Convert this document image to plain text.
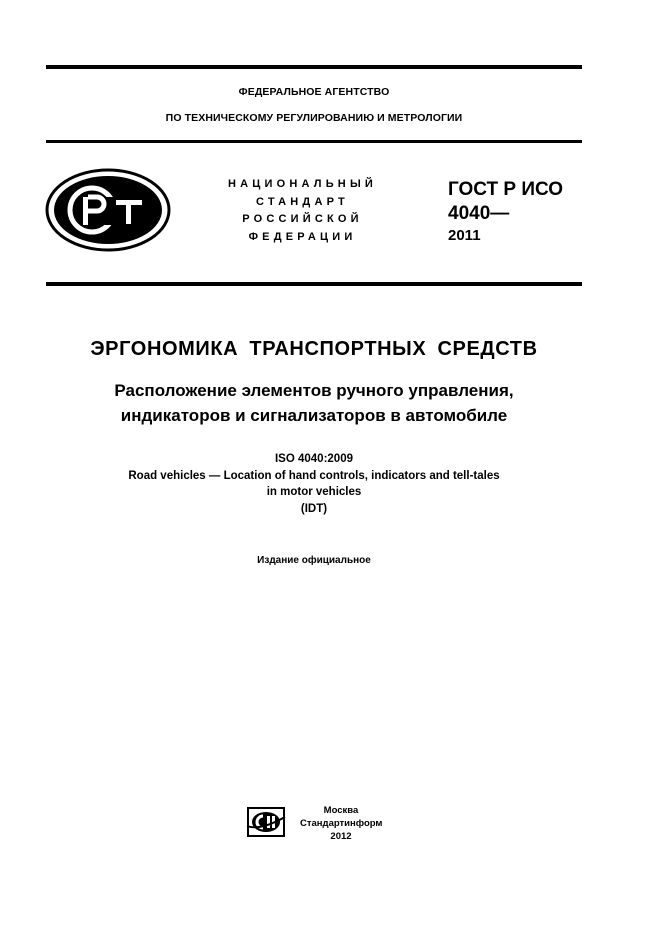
ФЕДЕРАЛЬНОЕ АГЕНТСТВО
ПО ТЕХНИЧЕСКОМУ РЕГУЛИРОВАНИЮ И МЕТРОЛОГИИ
НАЦИОНАЛЬНЫЙ
СТАНДАРТ
РОССИЙСКОЙ
ФЕДЕРАЦИИ
ГОСТ Р ИСО
4040—
2011
ЭРГОНОМИКА ТРАНСПОРТНЫХ СРЕДСТВ
Расположение элементов ручного управления,
индикаторов и сигнализаторов в автомобиле
ISO 4040:2009
Road vehicles — Location of hand controls, indicators and tell-tales
in motor vehicles
(IDT)
Издание официальное
Москва
Стандартинформ
2012
